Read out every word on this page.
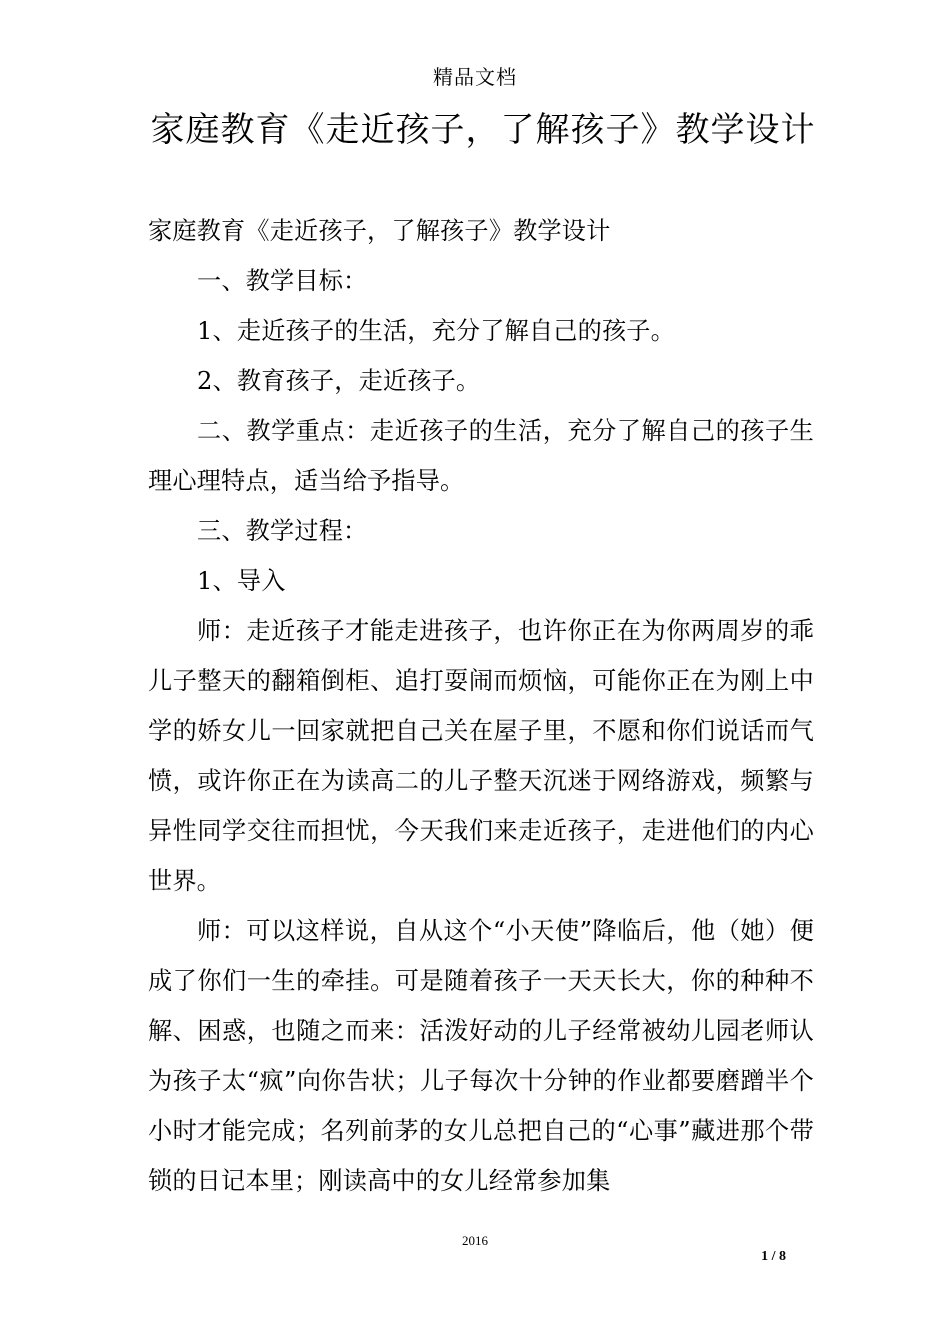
精品文档
家庭教育《走近孩子，了解孩子》教学设计

家庭教育《走近孩子，了解孩子》教学设计

一、教学目标：

1、走近孩子的生活，充分了解自己的孩子。

2、教育孩子，走近孩子。

二、教学重点：走近孩子的生活，充分了解自己的孩子生理心理特点，适当给予指导。

三、教学过程：

1、导入

师：走近孩子才能走进孩子，也许你正在为你两周岁的乖儿子整天的翻箱倒柜、追打耍闹而烦恼，可能你正在为刚上中学的娇女儿一回家就把自己关在屋子里，不愿和你们说话而气愤，或许你正在为读高二的儿子整天沉迷于网络游戏，频繁与异性同学交往而担忧，今天我们来走近孩子，走进他们的内心世界。

师：可以这样说，自从这个“小天使”降临后，他（她）便成了你们一生的牵挂。可是随着孩子一天天长大，你的种种不解、困惑，也随之而来：活泼好动的儿子经常被幼儿园老师认为孩子太“疯”向你告状；儿子每次十分钟的作业都要磨蹭半个小时才能完成；名列前茅的女儿总把自己的“心事”藏进那个带锁的日记本里；刚读高中的女儿经常参加集

2016
1 / 8
